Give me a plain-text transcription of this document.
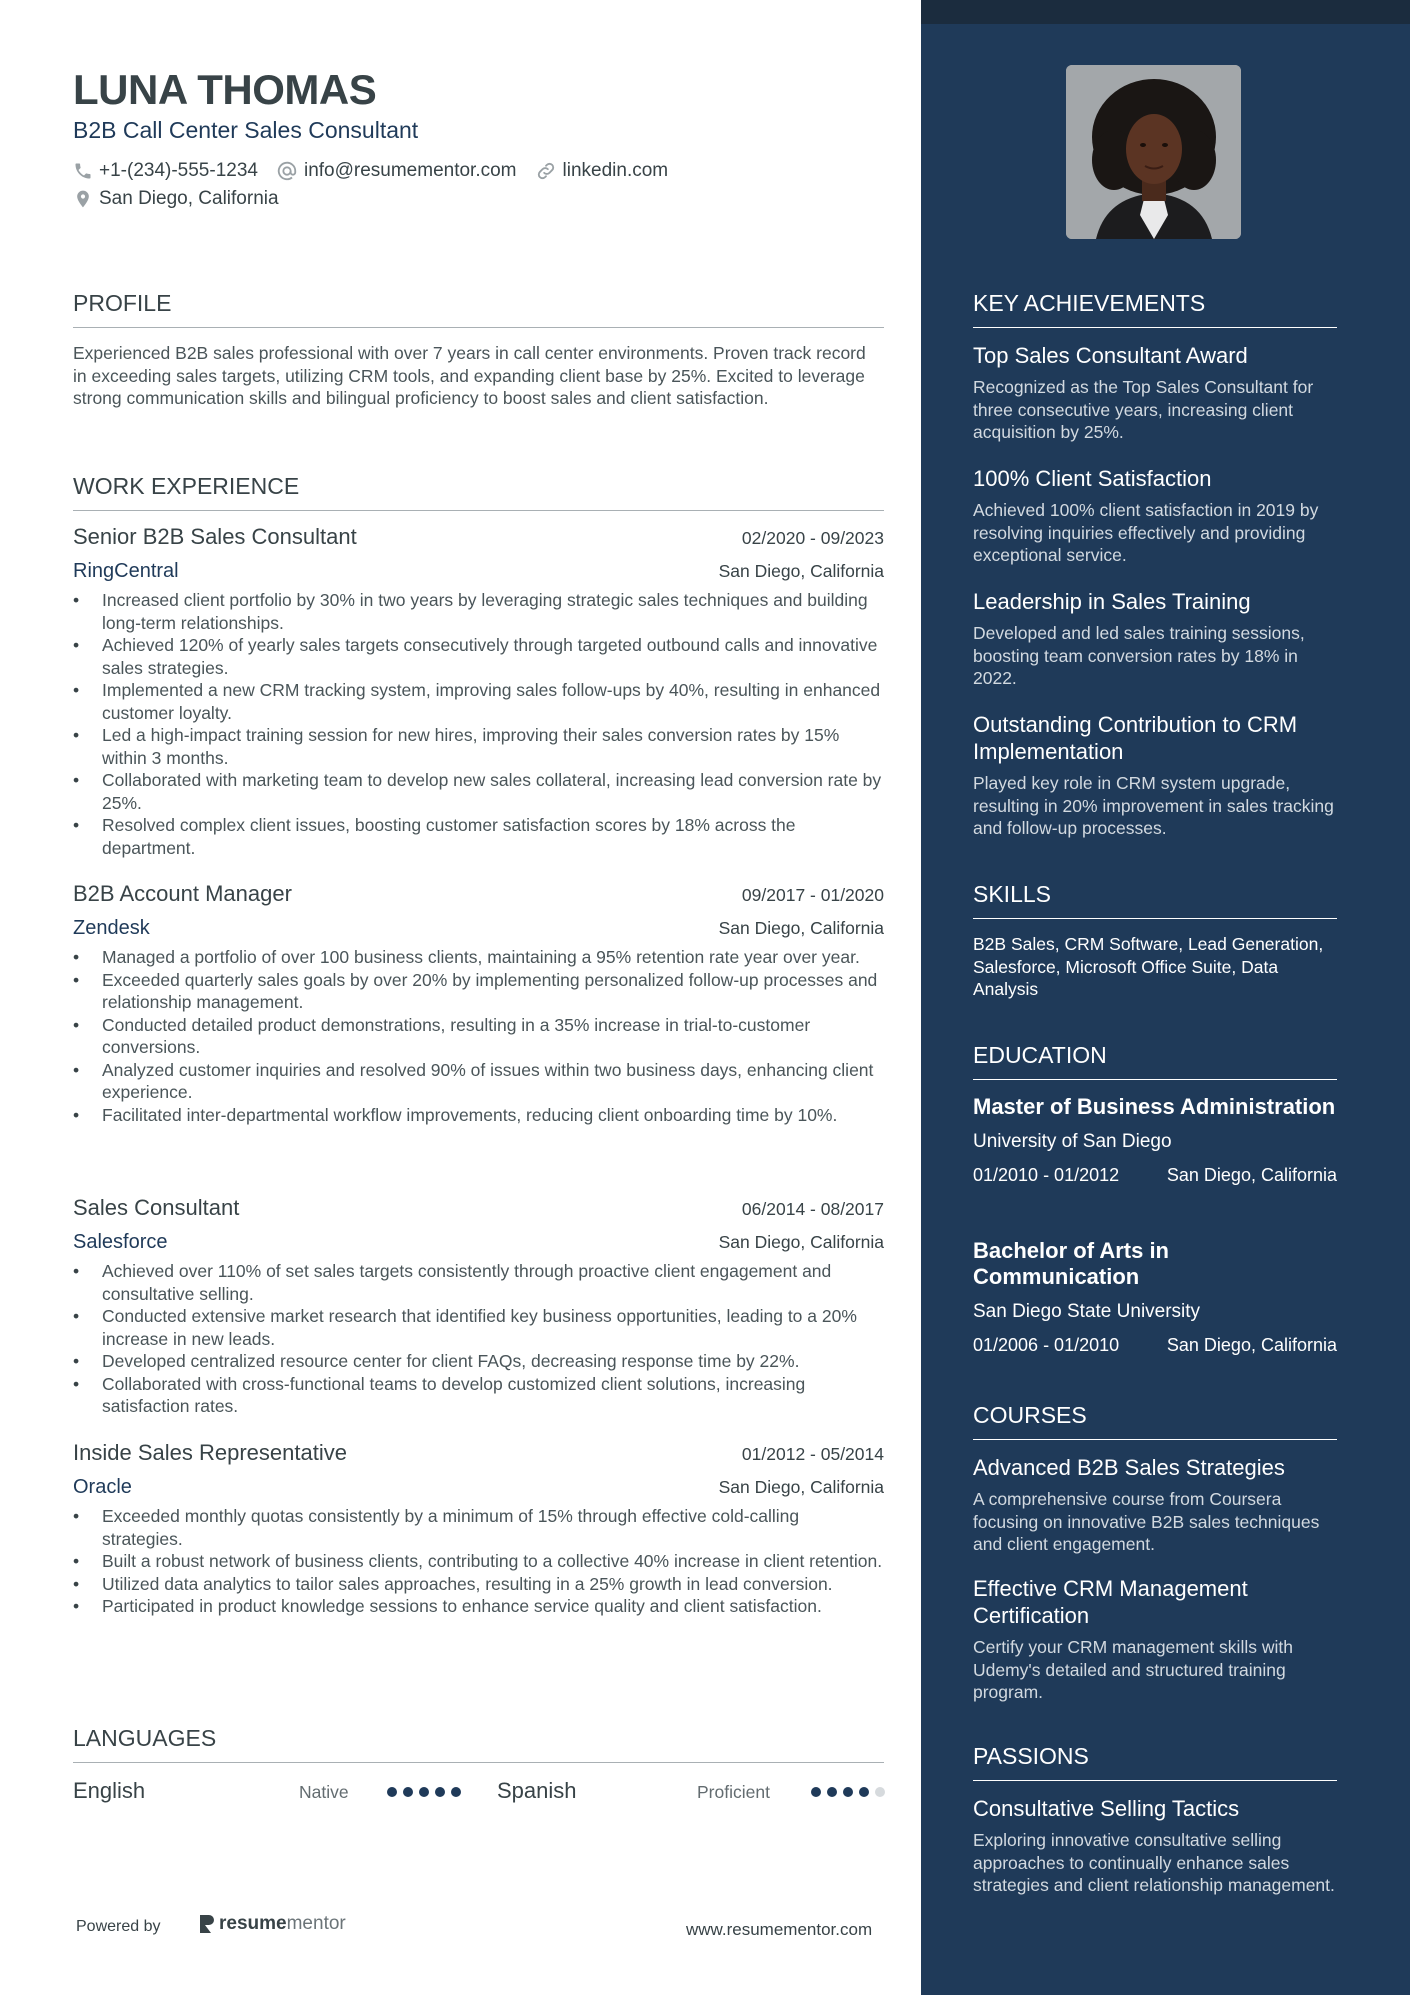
LUNA THOMAS
B2B Call Center Sales Consultant
+1-(234)-555-1234 info@resumementor.com linkedin.com
San Diego, California
PROFILE
Experienced B2B sales professional with over 7 years in call center environments. Proven track record in exceeding sales targets, utilizing CRM tools, and expanding client base by 25%. Excited to leverage strong communication skills and bilingual proficiency to boost sales and client satisfaction.
WORK EXPERIENCE
Senior B2B Sales Consultant	02/2020 - 09/2023
RingCentral	San Diego, California
• Increased client portfolio by 30% in two years by leveraging strategic sales techniques and building long-term relationships.
• Achieved 120% of yearly sales targets consecutively through targeted outbound calls and innovative sales strategies.
• Implemented a new CRM tracking system, improving sales follow-ups by 40%, resulting in enhanced customer loyalty.
• Led a high-impact training session for new hires, improving their sales conversion rates by 15% within 3 months.
• Collaborated with marketing team to develop new sales collateral, increasing lead conversion rate by 25%.
• Resolved complex client issues, boosting customer satisfaction scores by 18% across the department.
B2B Account Manager	09/2017 - 01/2020
Zendesk	San Diego, California
• Managed a portfolio of over 100 business clients, maintaining a 95% retention rate year over year.
• Exceeded quarterly sales goals by over 20% by implementing personalized follow-up processes and relationship management.
• Conducted detailed product demonstrations, resulting in a 35% increase in trial-to-customer conversions.
• Analyzed customer inquiries and resolved 90% of issues within two business days, enhancing client experience.
• Facilitated inter-departmental workflow improvements, reducing client onboarding time by 10%.
Sales Consultant	06/2014 - 08/2017
Salesforce	San Diego, California
• Achieved over 110% of set sales targets consistently through proactive client engagement and consultative selling.
• Conducted extensive market research that identified key business opportunities, leading to a 20% increase in new leads.
• Developed centralized resource center for client FAQs, decreasing response time by 22%.
• Collaborated with cross-functional teams to develop customized client solutions, increasing satisfaction rates.
Inside Sales Representative	01/2012 - 05/2014
Oracle	San Diego, California
• Exceeded monthly quotas consistently by a minimum of 15% through effective cold-calling strategies.
• Built a robust network of business clients, contributing to a collective 40% increase in client retention.
• Utilized data analytics to tailor sales approaches, resulting in a 25% growth in lead conversion.
• Participated in product knowledge sessions to enhance service quality and client satisfaction.
LANGUAGES
English	Native	Spanish	Proficient
Powered by	resume mentor	www.resumementor.com
KEY ACHIEVEMENTS
Top Sales Consultant Award
Recognized as the Top Sales Consultant for three consecutive years, increasing client acquisition by 25%.
100% Client Satisfaction
Achieved 100% client satisfaction in 2019 by resolving inquiries effectively and providing exceptional service.
Leadership in Sales Training
Developed and led sales training sessions, boosting team conversion rates by 18% in 2022.
Outstanding Contribution to CRM Implementation
Played key role in CRM system upgrade, resulting in 20% improvement in sales tracking and follow-up processes.
SKILLS
B2B Sales, CRM Software, Lead Generation, Salesforce, Microsoft Office Suite, Data Analysis
EDUCATION
Master of Business Administration
University of San Diego
01/2010 - 01/2012	San Diego, California
Bachelor of Arts in Communication
San Diego State University
01/2006 - 01/2010	San Diego, California
COURSES
Advanced B2B Sales Strategies
A comprehensive course from Coursera focusing on innovative B2B sales techniques and client engagement.
Effective CRM Management Certification
Certify your CRM management skills with Udemy's detailed and structured training program.
PASSIONS
Consultative Selling Tactics
Exploring innovative consultative selling approaches to continually enhance sales strategies and client relationship management.
